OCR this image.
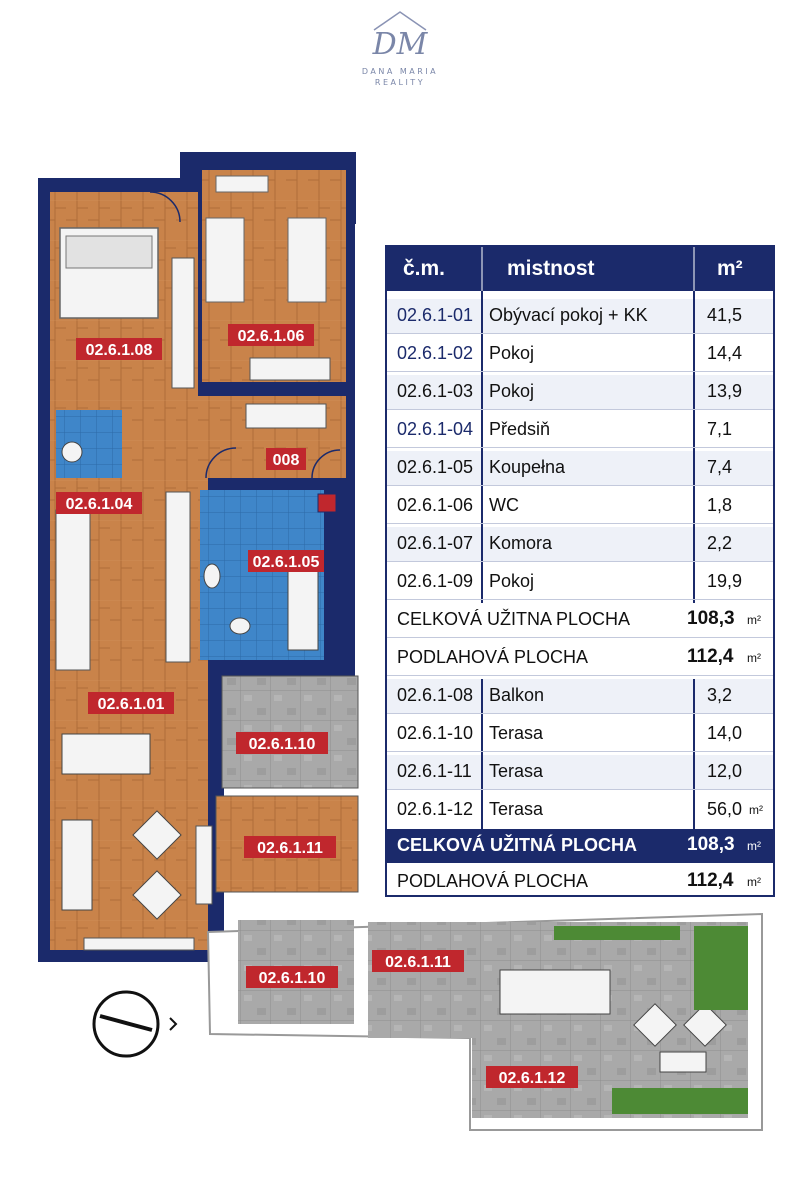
DM
DANA MARIA
REALITY
02.6.1.08
02.6.1.06
02.6.1.04
008
02.6.1.05
02.6.1.01
02.6.1.10
02.6.1.11
02.6.1.10
02.6.1.11
02.6.1.12
č.m.	mistnost	m²
02.6.1-01 Obývací pokoj + KK	41,5
02.6.1-02 Pokoj	14,4
02.6.1-03 Pokoj	13,9
02.6.1-04 Předsiň	7,1
02.6.1-05 Koupełna	7,4
02.6.1-06 WC	1,8
02.6.1-07 Komora	2,2
02.6.1-09 Pokoj	19,9
CELKOVÁ UŽITNA PLOCHA	108,3 m²
PODLAHOVÁ PLOCHA	112,4 m²
02.6.1-08 Balkon	3,2
02.6.1-10 Terasa	14,0
02.6.1-11 Terasa	12,0
02.6.1-12 Terasa	56,0 m²
CELKOVÁ UŽITNÁ PLOCHA	108,3 m²
PODLAHOVÁ PLOCHA	112,4 m²
